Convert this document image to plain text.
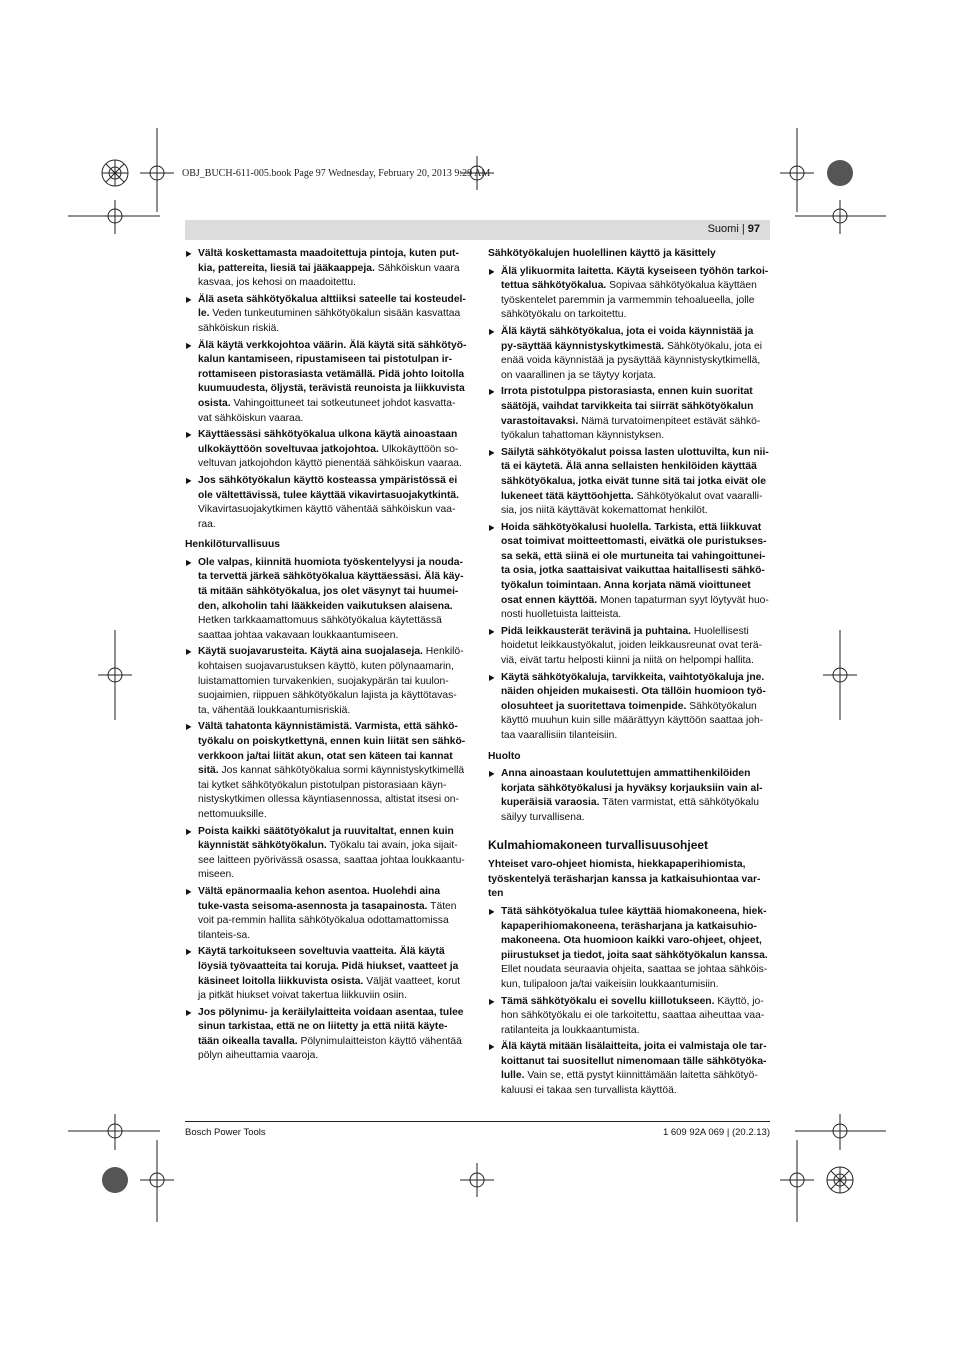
OBJ_BUCH-611-005.book Page 97 Wednesday, February 20, 2013 9:29 AM
Suomi | 97
▶ Vältä koskettamasta maadoitettuja pintoja, kuten put-kia, pattereita, liesiä tai jääkaappeja. Sähköiskun vaara kasvaa, jos kehosi on maadoitettu.
▶ Älä aseta sähkötyökalua alttiiksi sateelle tai kosteudel-le. Veden tunkeutuminen sähkötyökalun sisään kasvattaa sähköiskun riskiä.
▶ Älä käytä verkkojohtoa väärin. Älä käytä sitä sähkötyö-kalun kantamiseen, ripustamiseen tai pistotulpan ir-rottamiseen pistorasiasta vetämällä. Pidä johto loitolla kuumuudesta, öljystä, terävistä reunoista ja liikkuvista osista. Vahingoittuneet tai sotkeutuneet johdot kasvatta-vat sähköiskun vaaraa.
▶ Käyttäessäsi sähkötyökalua ulkona käytä ainoastaan ulkokäyttöön soveltuvaa jatkojohtoa. Ulkokäyttöön so-veltuvan jatkojohdon käyttö pienentää sähköiskun vaaraa.
▶ Jos sähkötyökalun käyttö kosteassa ympäristössä ei ole vältettävissä, tulee käyttää vikavirtasuojakytkintä. Vikavirtasuojakytkimen käyttö vähentää sähköiskun vaa-raa.
Henkilöturvallisuus
▶ Ole valpas, kiinnitä huomiota työskentelyysi ja nouda-ta tervettä järkeä sähkötyökalua käyttäessäsi. Älä käy-tä mitään sähkötyökalua, jos olet väsynyt tai huumei-den, alkoholin tahi lääkkeiden vaikutuksen alaisena. Hetken tarkkaamattomuus sähkötyökalua käytettässä saattaa johtaa vakavaan loukkaantumiseen.
▶ Käytä suojavarusteita. Käytä aina suojalaseja. Henkilö-kohtaisen suojavarustuksen käyttö, kuten pölynaamarin, luistamattomien turvakenkien, suojakypärän tai kuulon-suojaimien, riippuen sähkötyökalun lajista ja käyttötavas-ta, vähentää loukkaantumisriskiä.
▶ Vältä tahatonta käynnistämistä. Varmista, että sähkö-työkalu on poiskytkettynä, ennen kuin liität sen sähkö-verkkoon ja/tai liität akun, otat sen käteen tai kannat sitä. Jos kannat sähkötyökalua sormi käynnistyskytkimellä tai kytket sähkötyökalun pistotulpan pistorasiaan käyn-nistyskytkimen ollessa käyntiasennossa, altistat itsesi on-nettomuuksille.
▶ Poista kaikki säätötyökalut ja ruuvitaltat, ennen kuin käynnistät sähkötyökalun. Työkalu tai avain, joka sijait-see laitteen pyörivässä osassa, saattaa johtaa loukkaantu-miseen.
▶ Vältä epänormaalia kehon asentoa. Huolehdi aina tuke-vasta seisoma-asennosta ja tasapainosta. Täten voit pa-remmin hallita sähkötyökalua odottamattomissa tilanteis-sa.
▶ Käytä tarkoitukseen soveltuvia vaatteita. Älä käytä löysiä työvaatteita tai koruja. Pidä hiukset, vaatteet ja käsineet loitolla liikkuvista osista. Väljät vaatteet, korut ja pitkät hiukset voivat takertua liikkuviin osiin.
▶ Jos pölynimu- ja keräilylaitteita voidaan asentaa, tulee sinun tarkistaa, että ne on liitetty ja että niitä käyte-tään oikealla tavalla. Pölynimulaitteiston käyttö vähentää pölyn aiheuttamia vaaroja.
Sähkötyökalujen huolellinen käyttö ja käsittely
▶ Älä ylikuormita laitetta. Käytä kyseiseen työhön tarkoi-tettua sähkötyökalua. Sopivaa sähkötyökalua käyttäen työskentelet paremmin ja varmemmin tehoalueella, jolle sähkötyökalu on tarkoitettu.
▶ Älä käytä sähkötyökalua, jota ei voida käynnistää ja py-säyttää käynnistyskytkimestä. Sähkötyökalu, jota ei enää voida käynnistää ja pysäyttää käynnistyskytkimellä, on vaarallinen ja se täytyy korjata.
▶ Irrota pistotulppa pistorasiasta, ennen kuin suoritat säätöjä, vaihdat tarvikkeita tai siirrät sähkötyökalun varastoitavaksi. Nämä turvatoimenpiteet estävät sähkö-työkalun tahattoman käynnistyksen.
▶ Säilytä sähkötyökalut poissa lasten ulottuvilta, kun nii-tä ei käytetä. Älä anna sellaisten henkilöiden käyttää sähkötyökalua, jotka eivät tunne sitä tai jotka eivät ole lukeneet tätä käyttöohjetta. Sähkötyökalut ovat vaaralli-sia, jos niitä käyttävät kokemattomat henkilöt.
▶ Hoida sähkötyökalusi huolella. Tarkista, että liikkuvat osat toimivat moitteettomasti, eivätkä ole puristukses-sa sekä, että siinä ei ole murtuneita tai vahingoittunei-ta osia, jotka saattaisivat vaikuttaa haitallisesti sähkö-työkalun toimintaan. Anna korjata nämä vioittuneet osat ennen käyttöä. Monen tapaturman syyt löytyvät huo-nosti huolletuista laitteista.
▶ Pidä leikkausterät terävinä ja puhtaina. Huolellisesti hoidetut leikkaustyökalut, joiden leikkausreunat ovat terä-viä, eivät tartu helposti kiinni ja niitä on helpompi hallita.
▶ Käytä sähkötyökaluja, tarvikkeita, vaihtotyökaluja jne. näiden ohjeiden mukaisesti. Ota tällöin huomioon työ-olosuhteet ja suoritettava toimenpide. Sähkötyökalun käyttö muuhun kuin sille määrättyyn käyttöön saattaa joh-taa vaarallisiin tilanteisiin.
Huolto
▶ Anna ainoastaan koulutettujen ammattihenkilöiden korjata sähkötyökalusi ja hyväksy korjauksiin vain al-kuperäisiä varaosia. Täten varmistat, että sähkötyökalu säilyy turvallisena.
Kulmahiomakoneen turvallisuusohjeet
Yhteiset varo-ohjeet hiomista, hiekkapaperihiomista, työskentelyä teräsharjan kanssa ja katkaisuhiontaa var-ten
▶ Tätä sähkötyökalua tulee käyttää hiomakoneena, hiek-kapaperihiomakoneena, teräsharjana ja katkaisuhio-makoneena. Ota huomioon kaikki varo-ohjeet, ohjeet, piirustukset ja tiedot, joita saat sähkötyökalun kanssa. Ellet noudata seuraavia ohjeita, saattaa se johtaa sähköis-kun, tulipaloon ja/tai vaikeisiin loukkaantumisiin.
▶ Tämä sähkötyökalu ei sovellu kiillotukseen. Käyttö, jo-hon sähkötyökalu ei ole tarkoitettu, saattaa aiheuttaa vaa-ratilanteita ja loukkaantumista.
▶ Älä käytä mitään lisälaitteita, joita ei valmistaja ole tar-koittanut tai suositellut nimenomaan tälle sähkötyöka-lulle. Vain se, että pystyt kiinnittämään laitetta sähkötyö-kaluusi ei takaa sen turvallista käyttöä.
Bosch Power Tools	1 609 92A 069 | (20.2.13)
